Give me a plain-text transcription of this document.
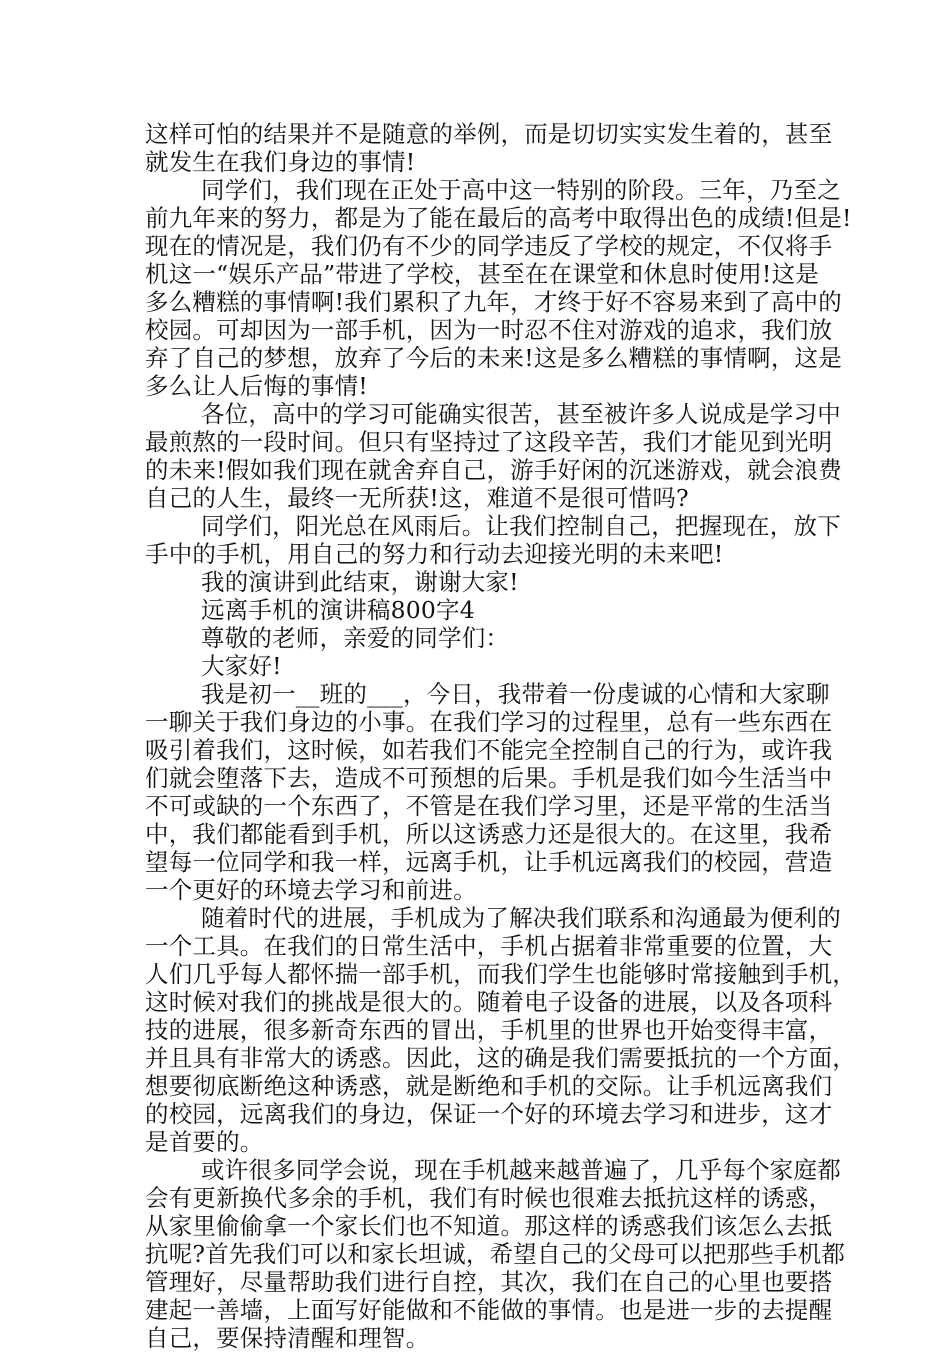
这样可怕的结果并不是随意的举例，而是切切实实发生着的，甚至
就发生在我们身边的事情!
同学们，我们现在正处于高中这一特别的阶段。三年，乃至之
前九年来的努力，都是为了能在最后的高考中取得出色的成绩!但是!
现在的情况是，我们仍有不少的同学违反了学校的规定，不仅将手
机这一“娱乐产品”带进了学校，甚至在在课堂和休息时使用!这是
多么糟糕的事情啊!我们累积了九年，才终于好不容易来到了高中的
校园。可却因为一部手机，因为一时忍不住对游戏的追求，我们放
弃了自己的梦想，放弃了今后的未来!这是多么糟糕的事情啊，这是
多么让人后悔的事情!
各位，高中的学习可能确实很苦，甚至被许多人说成是学习中
最煎熬的一段时间。但只有坚持过了这段辛苦，我们才能见到光明
的未来!假如我们现在就舍弃自己，游手好闲的沉迷游戏，就会浪费
自己的人生，最终一无所获!这，难道不是很可惜吗?
同学们，阳光总在风雨后。让我们控制自己，把握现在，放下
手中的手机，用自己的努力和行动去迎接光明的未来吧!
我的演讲到此结束，谢谢大家!
远离手机的演讲稿800字4
尊敬的老师，亲爱的同学们：
大家好!
我是初一__班的___，今日，我带着一份虔诚的心情和大家聊
一聊关于我们身边的小事。在我们学习的过程里，总有一些东西在
吸引着我们，这时候，如若我们不能完全控制自己的行为，或许我
们就会堕落下去，造成不可预想的后果。手机是我们如今生活当中
不可或缺的一个东西了，不管是在我们学习里，还是平常的生活当
中，我们都能看到手机，所以这诱惑力还是很大的。在这里，我希
望每一位同学和我一样，远离手机，让手机远离我们的校园，营造
一个更好的环境去学习和前进。
随着时代的进展，手机成为了解决我们联系和沟通最为便利的
一个工具。在我们的日常生活中，手机占据着非常重要的位置，大
人们几乎每人都怀揣一部手机，而我们学生也能够时常接触到手机，
这时候对我们的挑战是很大的。随着电子设备的进展，以及各项科
技的进展，很多新奇东西的冒出，手机里的世界也开始变得丰富，
并且具有非常大的诱惑。因此，这的确是我们需要抵抗的一个方面，
想要彻底断绝这种诱惑，就是断绝和手机的交际。让手机远离我们
的校园，远离我们的身边，保证一个好的环境去学习和进步，这才
是首要的。
或许很多同学会说，现在手机越来越普遍了，几乎每个家庭都
会有更新换代多余的手机，我们有时候也很难去抵抗这样的诱惑，
从家里偷偷拿一个家长们也不知道。那这样的诱惑我们该怎么去抵
抗呢?首先我们可以和家长坦诚，希望自己的父母可以把那些手机都
管理好，尽量帮助我们进行自控，其次，我们在自己的心里也要搭
建起一善墙，上面写好能做和不能做的事情。也是进一步的去提醒
自己，要保持清醒和理智。
